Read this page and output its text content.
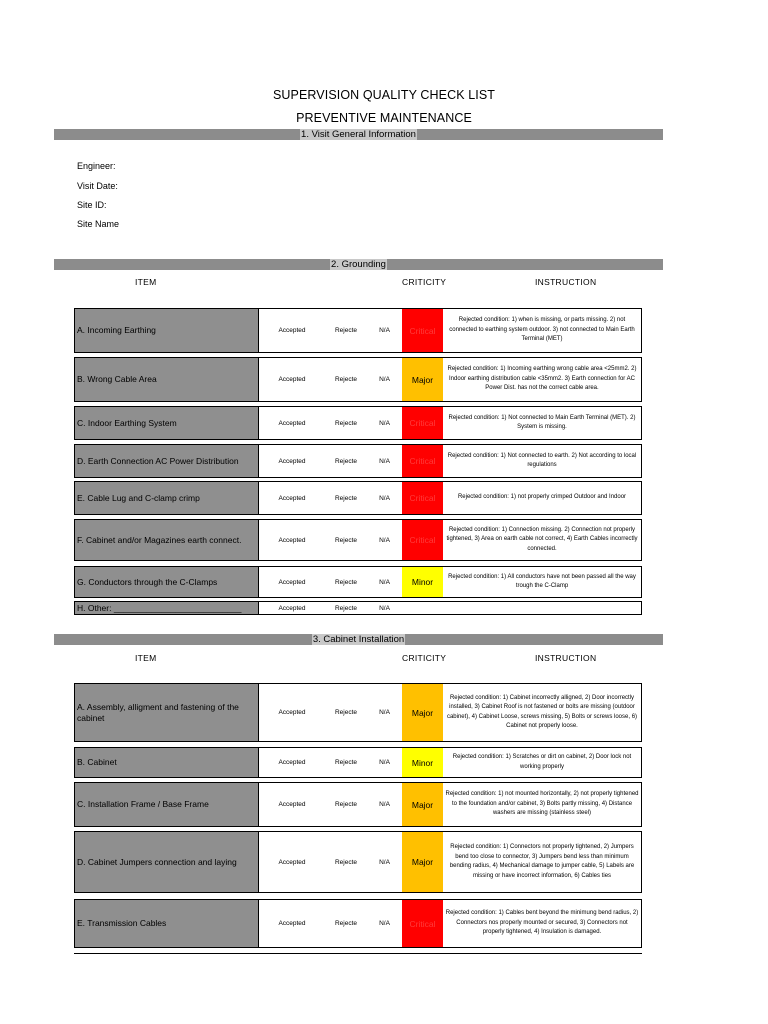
SUPERVISION QUALITY CHECK LIST
PREVENTIVE MAINTENANCE
1. Visit General Information
Engineer:
Visit Date:
Site ID:
Site Name
2. Grounding
ITEM	CRITICITY	INSTRUCTION
A. Incoming Earthing	Accepted	Rejecte	N/A	Critical
Rejected condition: 1) when is missing, or parts missing. 2) not connected to earthing system outdoor. 3) not connected to Main Earth Terminal (MET)
B. Wrong Cable Area	Accepted	Rejecte	N/A	Major
Rejected condition: 1) Incoming earthing wrong cable area <25mm2. 2) Indoor earthing distribution cable <35mm2. 3) Earth connection for AC Power Dist. has not the correct cable area.
C. Indoor Earthing System	Accepted	Rejecte	N/A	Critical
Rejected condition: 1) Not connected to Main Earth Terminal (MET). 2) System is missing.
D. Earth Connection AC Power Distribution	Accepted	Rejecte	N/A	Critical
Rejected condition: 1) Not connected to earth. 2) Not according to local regulations
E. Cable Lug and C-clamp crimp	Accepted	Rejecte	N/A	Critical	Rejected condition: 1) not properly crimped Outdoor and Indoor
F. Cabinet and/or Magazines earth connect.	Accepted	Rejecte	N/A	Critical
Rejected condition: 1) Connection missing. 2) Connection not properly tightened, 3) Area on earth cable not correct, 4) Earth Cables incorrectly connected.
G. Conductors through the C-Clamps	Accepted	Rejecte	N/A	Minor
Rejected condition: 1) All conductors have not been passed all the way trough the C-Clamp
H. Other: ___________________________	Accepted	Rejecte	N/A
3. Cabinet Installation
ITEM	CRITICITY	INSTRUCTION
A. Assembly, alligment and fastening of the cabinet	Accepted	Rejecte	N/A	Major
Rejected condition: 1) Cabinet incorrectly alligned, 2) Door incorrectly installed, 3) Cabinet Roof is not fastened or bolts are missing (outdoor cabinet), 4) Cabinet Loose, screws missing, 5) Bolts or screws loose, 6) Cabinet not properly loose.
B. Cabinet	Accepted	Rejecte	N/A	Minor
Rejected condition: 1) Scratches or dirt on cabinet, 2) Door lock not working properly
C. Installation Frame / Base Frame	Accepted	Rejecte	N/A	Major
Rejected condition: 1) not mounted horizontally, 2) not properly tightened to the foundation and/or cabinet, 3) Bolts partly missing, 4) Distance washers are missing (stainless steel)
D. Cabinet Jumpers connection and laying	Accepted	Rejecte	N/A	Major
Rejected condition: 1) Connectors not properly tightened, 2) Jumpers bend too close to connector, 3) Jumpers bend less than minimum bending radius, 4) Mechanical damage to jumper cable, 5) Labels are missing or have incorrect information, 6) Cables ties
E. Transmission Cables	Accepted	Rejecte	N/A	Critical
Rejected condition: 1) Cables bent beyond the minimung bend radius, 2) Connectors nos properly mounted or secured, 3) Connectors not properly tightened, 4) Insulation is damaged.
